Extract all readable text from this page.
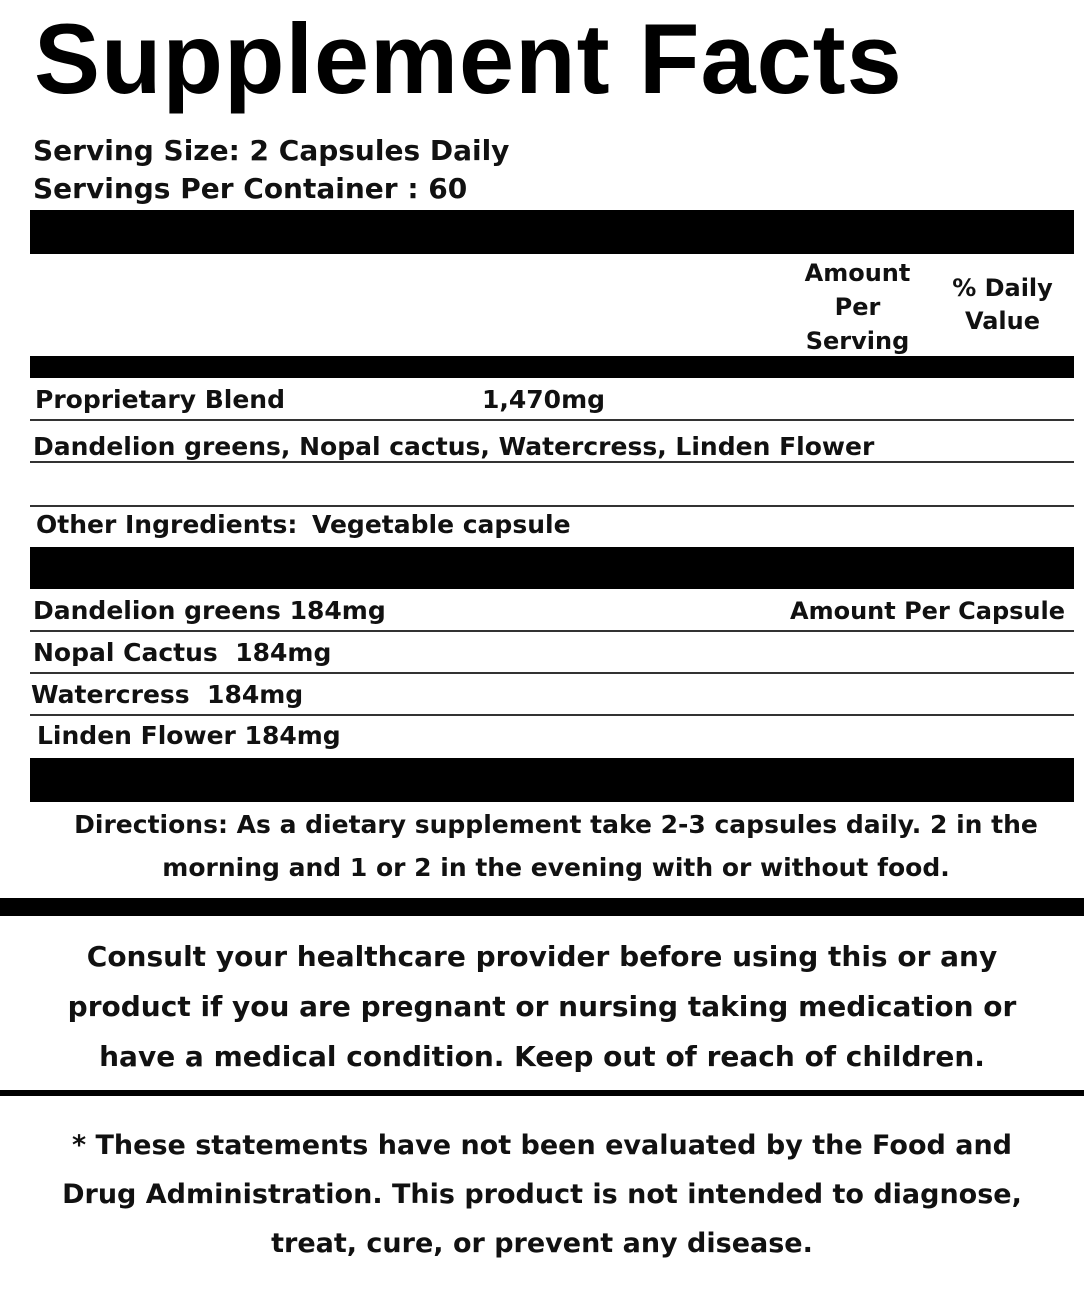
Supplement Facts
Serving Size: 2 Capsules Daily
Servings Per Container : 60
Amount
Per
Serving
% Daily
Value
Proprietary Blend	1,470mg
Dandelion greens, Nopal cactus, Watercress, Linden Flower
Other Ingredients: Vegetable capsule
Dandelion greens 184mg	Amount Per Capsule
Nopal Cactus  184mg
Watercress  184mg
Linden Flower 184mg
Directions: As a dietary supplement take 2-3 capsules daily. 2 in the
morning and 1 or 2 in the evening with or without food.
Consult your healthcare provider before using this or any
product if you are pregnant or nursing taking medication or
have a medical condition. Keep out of reach of children.
* These statements have not been evaluated by the Food and
Drug Administration. This product is not intended to diagnose,
treat, cure, or prevent any disease.
